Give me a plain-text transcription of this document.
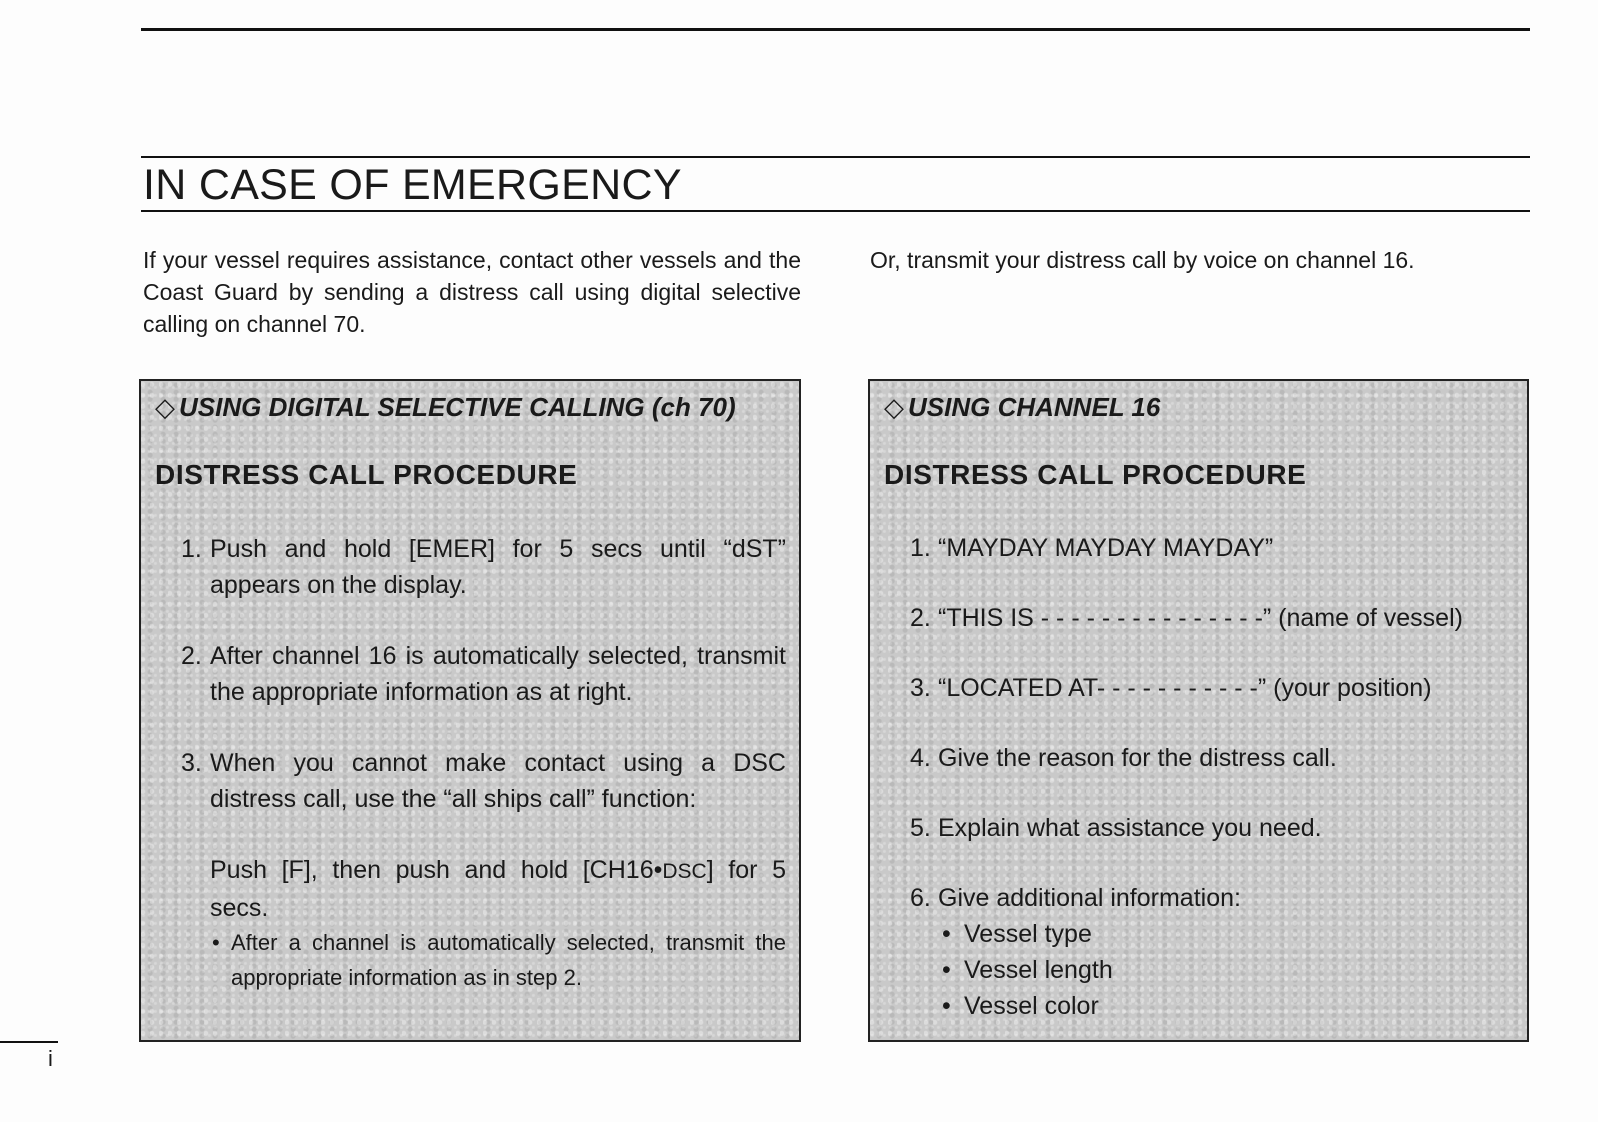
IN CASE OF EMERGENCY

If your vessel requires assistance, contact other vessels and the Coast Guard by sending a distress call using digital selective calling on channel 70.

Or, transmit your distress call by voice on channel 16.

◇ USING DIGITAL SELECTIVE CALLING (ch 70)
DISTRESS CALL PROCEDURE
1. Push and hold [EMER] for 5 secs until “dST” appears on the display.
2. After channel 16 is automatically selected, transmit the appropriate information as at right.
3. When you cannot make contact using a DSC distress call, use the “all ships call” function:
Push [F], then push and hold [CH16•DSC] for 5 secs.
• After a channel is automatically selected, transmit the appropriate information as in step 2.
◇ USING CHANNEL 16
DISTRESS CALL PROCEDURE
1. “MAYDAY MAYDAY MAYDAY”
2. “THIS IS - - - - - - - - - - - - - - -” (name of vessel)
3. “LOCATED AT- - - - - - - - - - -” (your position)
4. Give the reason for the distress call.
5. Explain what assistance you need.
6. Give additional information:
• Vessel type
• Vessel length
• Vessel color
i
